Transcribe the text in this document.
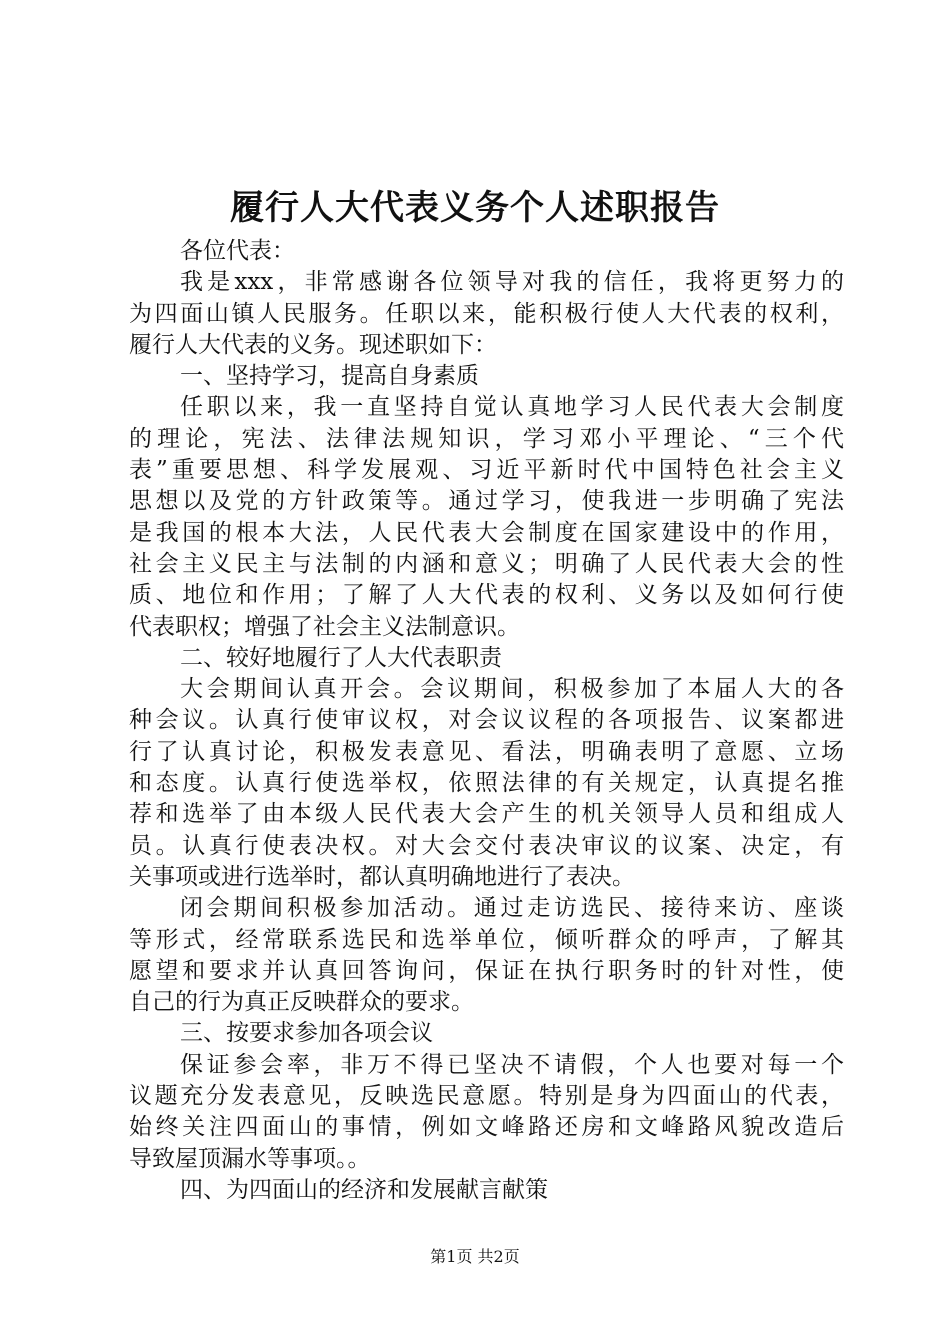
履行人大代表义务个人述职报告
各位代表：
我是xxx，非常感谢各位领导对我的信任，我将更努力的
为四面山镇人民服务。任职以来，能积极行使人大代表的权利，
履行人大代表的义务。现述职如下：
一、坚持学习，提高自身素质
任职以来，我一直坚持自觉认真地学习人民代表大会制度
的理论，宪法、法律法规知识，学习邓小平理论、“三个代
表”重要思想、科学发展观、习近平新时代中国特色社会主义
思想以及党的方针政策等。通过学习，使我进一步明确了宪法
是我国的根本大法，人民代表大会制度在国家建设中的作用，
社会主义民主与法制的内涵和意义；明确了人民代表大会的性
质、地位和作用；了解了人大代表的权利、义务以及如何行使
代表职权；增强了社会主义法制意识。
二、较好地履行了人大代表职责
大会期间认真开会。会议期间，积极参加了本届人大的各
种会议。认真行使审议权，对会议议程的各项报告、议案都进
行了认真讨论，积极发表意见、看法，明确表明了意愿、立场
和态度。认真行使选举权，依照法律的有关规定，认真提名推
荐和选举了由本级人民代表大会产生的机关领导人员和组成人
员。认真行使表决权。对大会交付表决审议的议案、决定，有
关事项或进行选举时，都认真明确地进行了表决。
闭会期间积极参加活动。通过走访选民、接待来访、座谈
等形式，经常联系选民和选举单位，倾听群众的呼声，了解其
愿望和要求并认真回答询问，保证在执行职务时的针对性，使
自己的行为真正反映群众的要求。
三、按要求参加各项会议
保证参会率，非万不得已坚决不请假，个人也要对每一个
议题充分发表意见，反映选民意愿。特别是身为四面山的代表，
始终关注四面山的事情，例如文峰路还房和文峰路风貌改造后
导致屋顶漏水等事项。。
四、为四面山的经济和发展献言献策
第1页 共2页
